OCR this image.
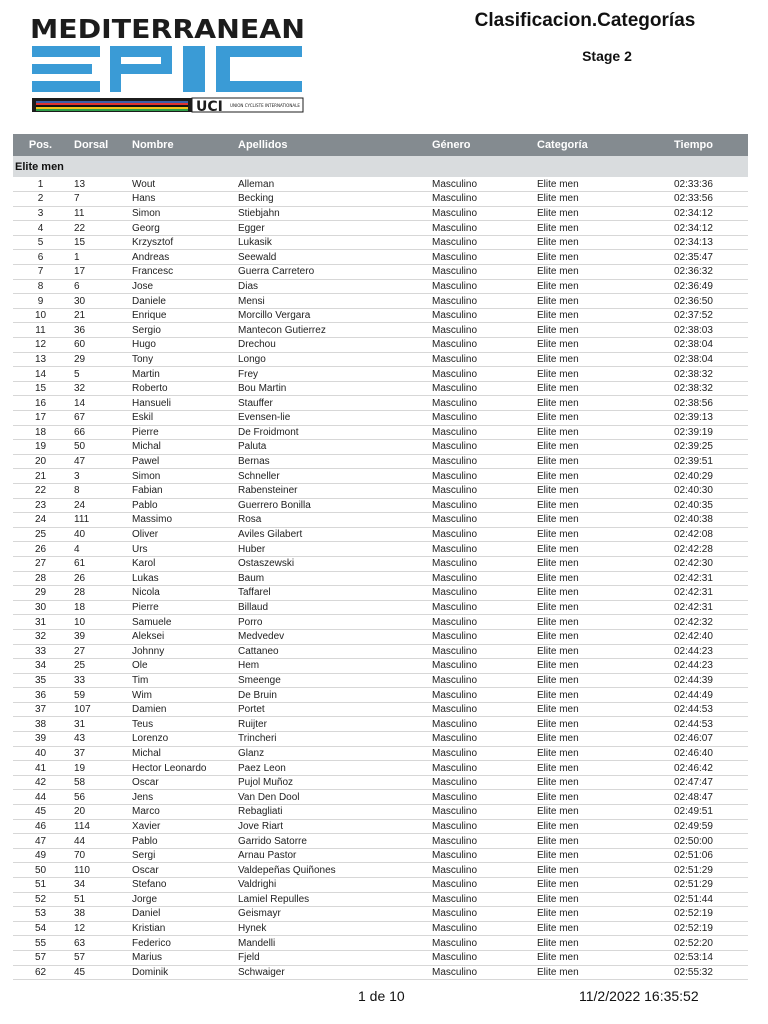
MEDITERRANEAN
EPIC
UCI UNION CYCLISTE INTERNATIONALE
Clasificacion.Categorías
Stage 2
Pos.	Dorsal	Nombre	Apellidos	Género	Categoría	Tiempo
Elite men						
1	13	Wout	Alleman	Masculino	Elite men	02:33:36
2	7	Hans	Becking	Masculino	Elite men	02:33:56
3	11	Simon	Stiebjahn	Masculino	Elite men	02:34:12
4	22	Georg	Egger	Masculino	Elite men	02:34:12
5	15	Krzysztof	Lukasik	Masculino	Elite men	02:34:13
6	1	Andreas	Seewald	Masculino	Elite men	02:35:47
7	17	Francesc	Guerra Carretero	Masculino	Elite men	02:36:32
8	6	Jose	Dias	Masculino	Elite men	02:36:49
9	30	Daniele	Mensi	Masculino	Elite men	02:36:50
10	21	Enrique	Morcillo Vergara	Masculino	Elite men	02:37:52
11	36	Sergio	Mantecon Gutierrez	Masculino	Elite men	02:38:03
12	60	Hugo	Drechou	Masculino	Elite men	02:38:04
13	29	Tony	Longo	Masculino	Elite men	02:38:04
14	5	Martin	Frey	Masculino	Elite men	02:38:32
15	32	Roberto	Bou Martin	Masculino	Elite men	02:38:32
16	14	Hansueli	Stauffer	Masculino	Elite men	02:38:56
17	67	Eskil	Evensen-lie	Masculino	Elite men	02:39:13
18	66	Pierre	De Froidmont	Masculino	Elite men	02:39:19
19	50	Michal	Paluta	Masculino	Elite men	02:39:25
20	47	Pawel	Bernas	Masculino	Elite men	02:39:51
21	3	Simon	Schneller	Masculino	Elite men	02:40:29
22	8	Fabian	Rabensteiner	Masculino	Elite men	02:40:30
23	24	Pablo	Guerrero Bonilla	Masculino	Elite men	02:40:35
24	111	Massimo	Rosa	Masculino	Elite men	02:40:38
25	40	Oliver	Aviles Gilabert	Masculino	Elite men	02:42:08
26	4	Urs	Huber	Masculino	Elite men	02:42:28
27	61	Karol	Ostaszewski	Masculino	Elite men	02:42:30
28	26	Lukas	Baum	Masculino	Elite men	02:42:31
29	28	Nicola	Taffarel	Masculino	Elite men	02:42:31
30	18	Pierre	Billaud	Masculino	Elite men	02:42:31
31	10	Samuele	Porro	Masculino	Elite men	02:42:32
32	39	Aleksei	Medvedev	Masculino	Elite men	02:42:40
33	27	Johnny	Cattaneo	Masculino	Elite men	02:44:23
34	25	Ole	Hem	Masculino	Elite men	02:44:23
35	33	Tim	Smeenge	Masculino	Elite men	02:44:39
36	59	Wim	De Bruin	Masculino	Elite men	02:44:49
37	107	Damien	Portet	Masculino	Elite men	02:44:53
38	31	Teus	Ruijter	Masculino	Elite men	02:44:53
39	43	Lorenzo	Trincheri	Masculino	Elite men	02:46:07
40	37	Michal	Glanz	Masculino	Elite men	02:46:40
41	19	Hector Leonardo	Paez Leon	Masculino	Elite men	02:46:42
42	58	Oscar	Pujol Muñoz	Masculino	Elite men	02:47:47
44	56	Jens	Van Den Dool	Masculino	Elite men	02:48:47
45	20	Marco	Rebagliati	Masculino	Elite men	02:49:51
46	114	Xavier	Jove Riart	Masculino	Elite men	02:49:59
47	44	Pablo	Garrido Satorre	Masculino	Elite men	02:50:00
49	70	Sergi	Arnau Pastor	Masculino	Elite men	02:51:06
50	110	Oscar	Valdepeñas Quiñones	Masculino	Elite men	02:51:29
51	34	Stefano	Valdrighi	Masculino	Elite men	02:51:29
52	51	Jorge	Lamiel Repulles	Masculino	Elite men	02:51:44
53	38	Daniel	Geismayr	Masculino	Elite men	02:52:19
54	12	Kristian	Hynek	Masculino	Elite men	02:52:19
55	63	Federico	Mandelli	Masculino	Elite men	02:52:20
57	57	Marius	Fjeld	Masculino	Elite men	02:53:14
62	45	Dominik	Schwaiger	Masculino	Elite men	02:55:32
1 de 10	11/2/2022 16:35:52
